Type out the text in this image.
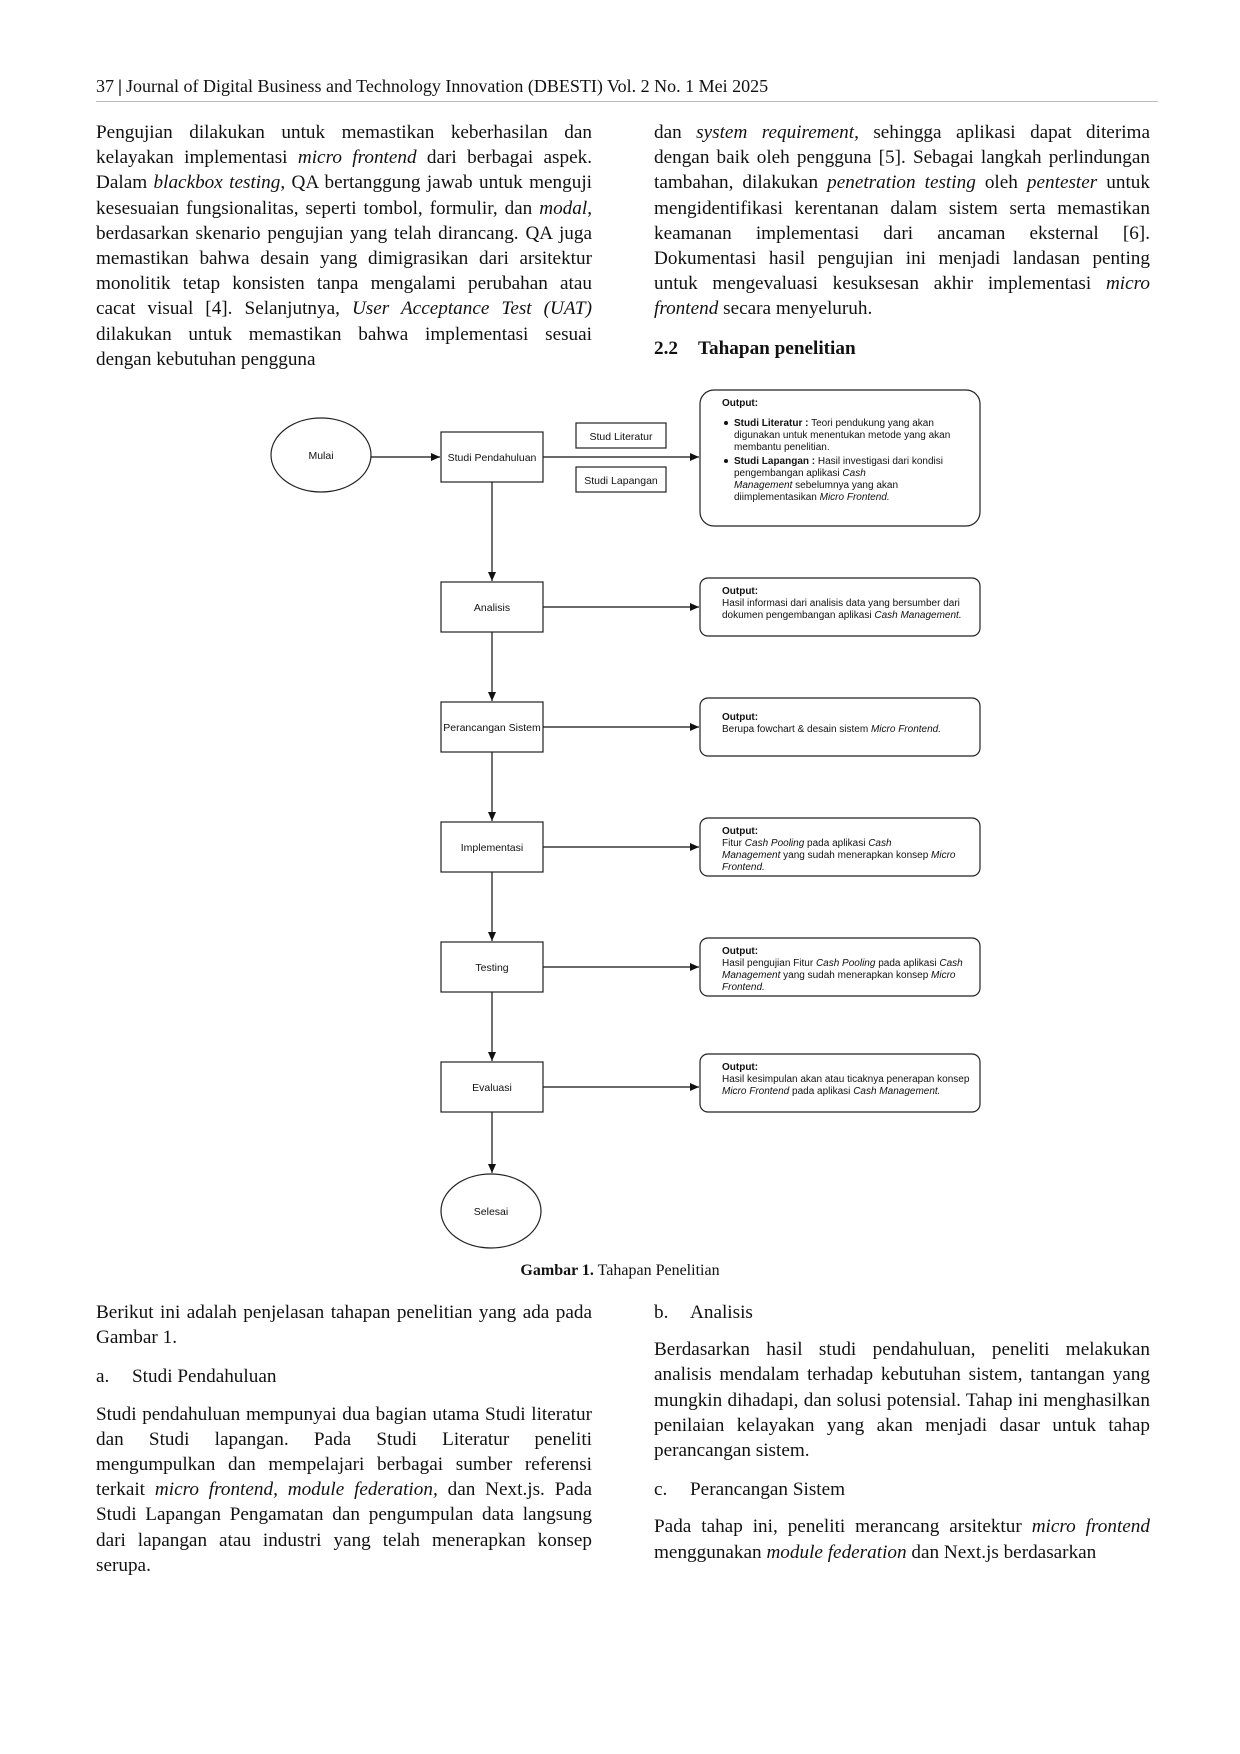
37 | Journal of Digital Business and Technology Innovation (DBESTI) Vol. 2 No. 1 Mei 2025

Pengujian dilakukan untuk memastikan keberhasilan dan kelayakan implementasi micro frontend dari berbagai aspek. Dalam blackbox testing, QA bertanggung jawab untuk menguji kesesuaian fungsionalitas, seperti tombol, formulir, dan modal, berdasarkan skenario pengujian yang telah dirancang. QA juga memastikan bahwa desain yang dimigrasikan dari arsitektur monolitik tetap konsisten tanpa mengalami perubahan atau cacat visual [4]. Selanjutnya, User Acceptance Test (UAT) dilakukan untuk memastikan bahwa implementasi sesuai dengan kebutuhan pengguna

dan system requirement, sehingga aplikasi dapat diterima dengan baik oleh pengguna [5]. Sebagai langkah perlindungan tambahan, dilakukan penetration testing oleh pentester untuk mengidentifikasi kerentanan dalam sistem serta memastikan keamanan implementasi dari ancaman eksternal [6]. Dokumentasi hasil pengujian ini menjadi landasan penting untuk mengevaluasi kesuksesan akhir implementasi micro frontend secara menyeluruh.

2.2 Tahapan penelitian
Mulai
Selesai
Studi Pendahuluan
Analisis
Perancangan Sistem
Implementasi
Testing
Evaluasi
Stud Literatur
Studi Lapangan
Output:
Studi Literatur : Teori pendukung yang akan
digunakan untuk menentukan metode yang akan
membantu penelitian.
Studi Lapangan : Hasil investigasi dari kondisi
pengembangan aplikasi Cash
Management sebelumnya yang akan
diimplementasikan Micro Frontend.
Output:
Hasil informasi dari analisis data yang bersumber dari
dokumen pengembangan aplikasi Cash Management.
Output:
Berupa fowchart & desain sistem Micro Frontend.
Output:
Fitur Cash Pooling pada aplikasi Cash
Management yang sudah menerapkan konsep Micro
Frontend.
Output:
Hasil pengujian Fitur Cash Pooling pada aplikasi Cash
Management yang sudah menerapkan konsep Micro
Frontend.
Output:
Hasil kesimpulan akan atau ticaknya penerapan konsep
Micro Frontend pada aplikasi Cash Management.
Gambar 1. Tahapan Penelitian

Berikut ini adalah penjelasan tahapan penelitian yang ada pada Gambar 1.

a. Studi Pendahuluan

Studi pendahuluan mempunyai dua bagian utama Studi literatur dan Studi lapangan. Pada Studi Literatur peneliti mengumpulkan dan mempelajari berbagai sumber referensi terkait micro frontend, module federation, dan Next.js. Pada Studi Lapangan Pengamatan dan pengumpulan data langsung dari lapangan atau industri yang telah menerapkan konsep serupa.

b. Analisis

Berdasarkan hasil studi pendahuluan, peneliti melakukan analisis mendalam terhadap kebutuhan sistem, tantangan yang mungkin dihadapi, dan solusi potensial. Tahap ini menghasilkan penilaian kelayakan yang akan menjadi dasar untuk tahap perancangan sistem.

c. Perancangan Sistem

Pada tahap ini, peneliti merancang arsitektur micro frontend menggunakan module federation dan Next.js berdasarkan
